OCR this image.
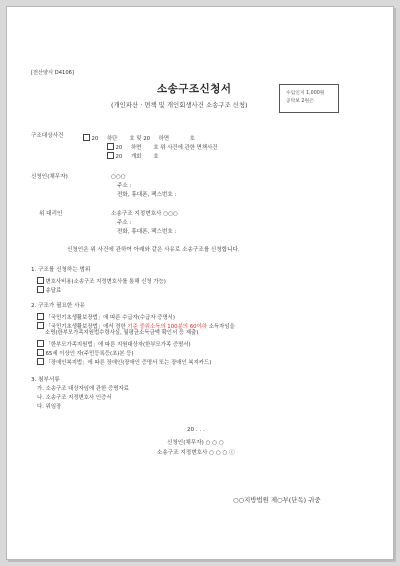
[전산양식 D4106]
소송구조신청서
(개인파산 · 면책 및 개인회생사건 소송구조 신청)
수입인지 1,000원
공탁보 2원은
구조대상사건	20 하단 호 및 20 하면	호
20 하면 호 위 사건에 관한 면책사건
20 개회 호
신청인(채무자)	○○○
주소 :
전화, 휴대폰, 팩스번호 :
위 대리인	소송구조 지정변호사 ○○○
주소 :
전화, 휴대폰, 팩스번호 :
신청인은 위 사건에 관하여 아래와 같은 사유로 소송구조를 신청합니다.
1. 구조를 신청하는 범위
변호사비용(소송구조 지정변호사를 통해 신청 가능)
송달료
2. 구조가 필요한 사유
「국민기초생활보장법」에 따른 수급자(수급자 증명서)
「국민기초생활보장법」에서 정한 기준 중위소득의 100분의 60이하 소득자임을
소명(한부모가족지원법수령사실, 월평균소득금액 확인서 등 제출)
「한부모가족지원법」에 따른 지원대상자(한부모가족 증명서)
65세 이상인 자(주민등록등(초)본 등)
「장애인복지법」에 따른 장애인(장애인 증명서 또는 장애인 복지카드)
3. 첨부서류
가. 소송구조 대상자임에 관한 증명자료
나. 소송구조 지정변호사 인증서
다. 위임장
20 . . .
신청인(채무자) ○ ○ ○
소송구조 지정변호사 ○ ○ ○ ⓘ
○○지방법원 제○부(단독) 귀중
